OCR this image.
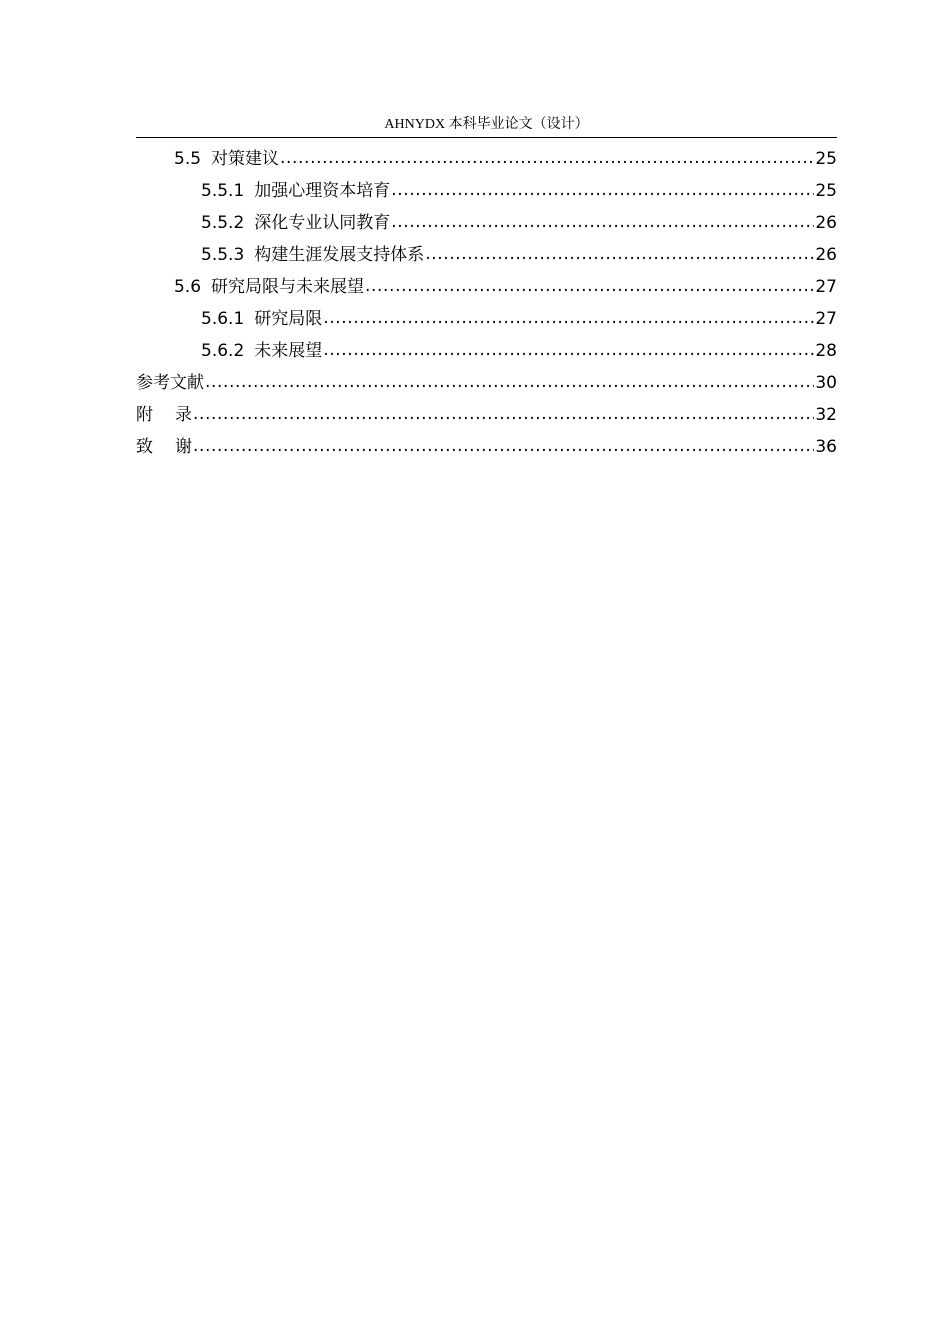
AHNYDX 本科毕业论文（设计）
5.5 对策建议 .....	25
5.5.1 加强心理资本培育 .....	25
5.5.2 深化专业认同教育 .....	26
5.5.3 构建生涯发展支持体系 .....	26
5.6 研究局限与未来展望 .....	27
5.6.1 研究局限 .....	27
5.6.2 未来展望 .....	28
参考文献 .....	30
附 录 .....	32
致 谢 .....	36
